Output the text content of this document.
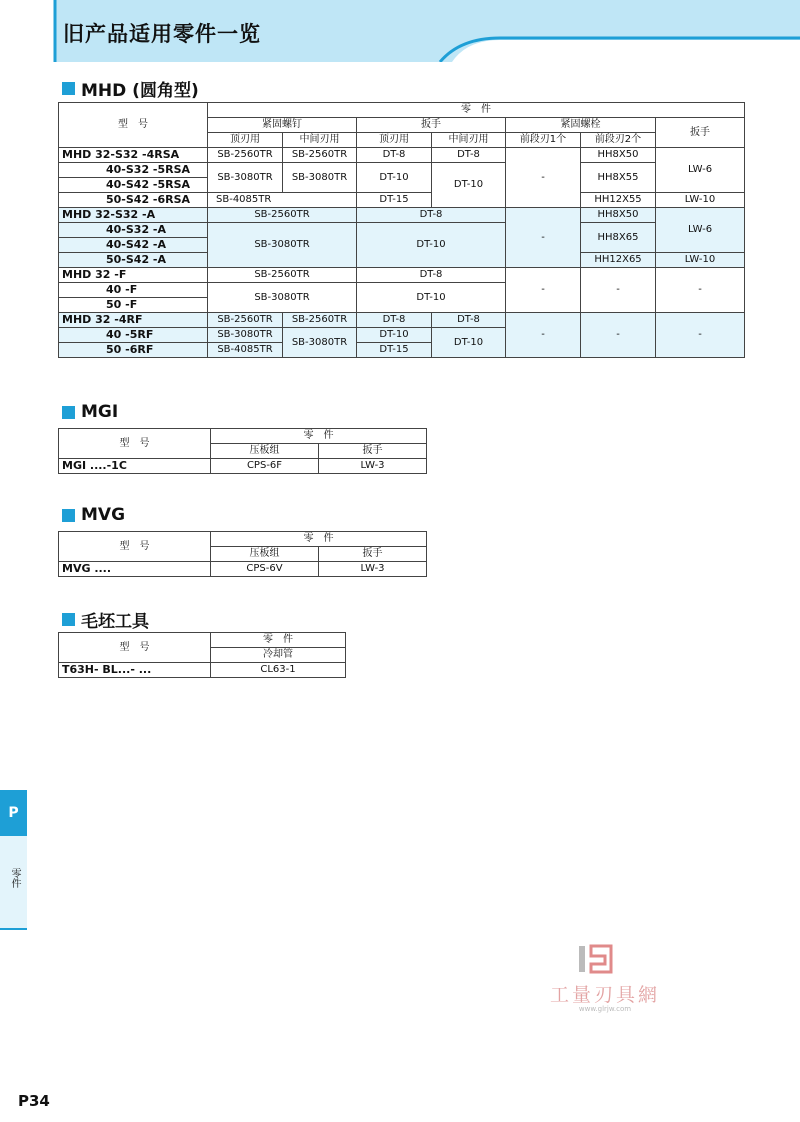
旧产品适用零件一览
MHD (圆角型)
型　号	零　件						
	紧固螺钉		扳手		紧固螺栓		扳手
	顶刃用	中间刃用	顶刃用	中间刃用	前段刃1个	前段刃2个	
MHD 32-S32 -4RSA	SB-2560TR	SB-2560TR	DT-8	DT-8	-	HH8X50	LW-6
40-S32 -5RSA	SB-3080TR	SB-3080TR	DT-10	DT-10		HH8X55	
40-S42 -5RSA							
50-S42 -6RSA	SB-4085TR		DT-15			HH12X55	LW-10
MHD 32-S32 -A	SB-2560TR		DT-8		-	HH8X50	LW-6
40-S32 -A	SB-3080TR		DT-10			HH8X65	
40-S42 -A							
50-S42 -A						HH12X65	LW-10
MHD 32 -F	SB-2560TR		DT-8		-	-	-
40 -F	SB-3080TR		DT-10				
50 -F							
MHD 32 -4RF	SB-2560TR	SB-2560TR	DT-8	DT-8	-	-	-
40 -5RF	SB-3080TR	SB-3080TR	DT-10	DT-10			
50 -6RF	SB-4085TR		DT-15				
MGI
型　号	零　件	
	压板组	扳手
MGI ....-1C	CPS-6F	LW-3
MVG
型　号	零　件	
	压板组	扳手
MVG ....	CPS-6V	LW-3
毛坯工具
型　号	零　件
	冷却管
T63H- BL...- ...	CL63-1
P
零件
工量刃具網
www.glrjw.com
P34
